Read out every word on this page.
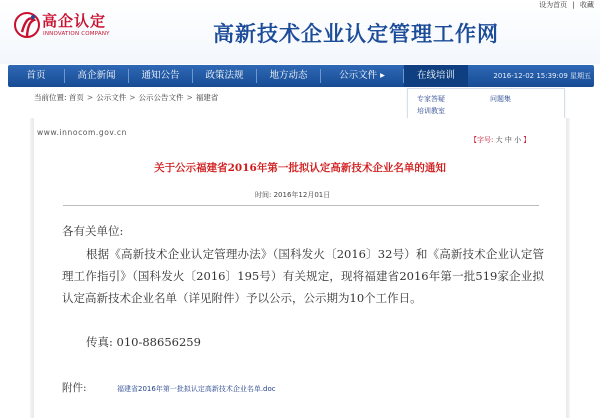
高企认定
INNOVATION COMPANY	高新技术企业认定管理工作网
设为首页 | 收藏
首页	高企新闻	通知公告	政策法规	地方动态	公示文件 ▸	在线培训	2016-12-02 15:39:09 星期五
专家答疑	问题集
培训教室
当前位置: 首页 > 公示文件 > 公示公告文件 > 福建省
www.innocom.gov.cn
【字号: 大 中 小 】
关于公示福建省2016年第一批拟认定高新技术企业名单的通知
时间: 2016年12月01日
各有关单位:
根据《高新技术企业认定管理办法》（国科发火〔2016〕32号）和《高新技术企业认定管理工作指引》（国科发火〔2016〕195号）有关规定，现将福建省2016年第一批519家企业拟认定高新技术企业名单（详见附件）予以公示，公示期为10个工作日。
传真: 010-88656259
附件:	福建省2016年第一批拟认定高新技术企业名单.doc
